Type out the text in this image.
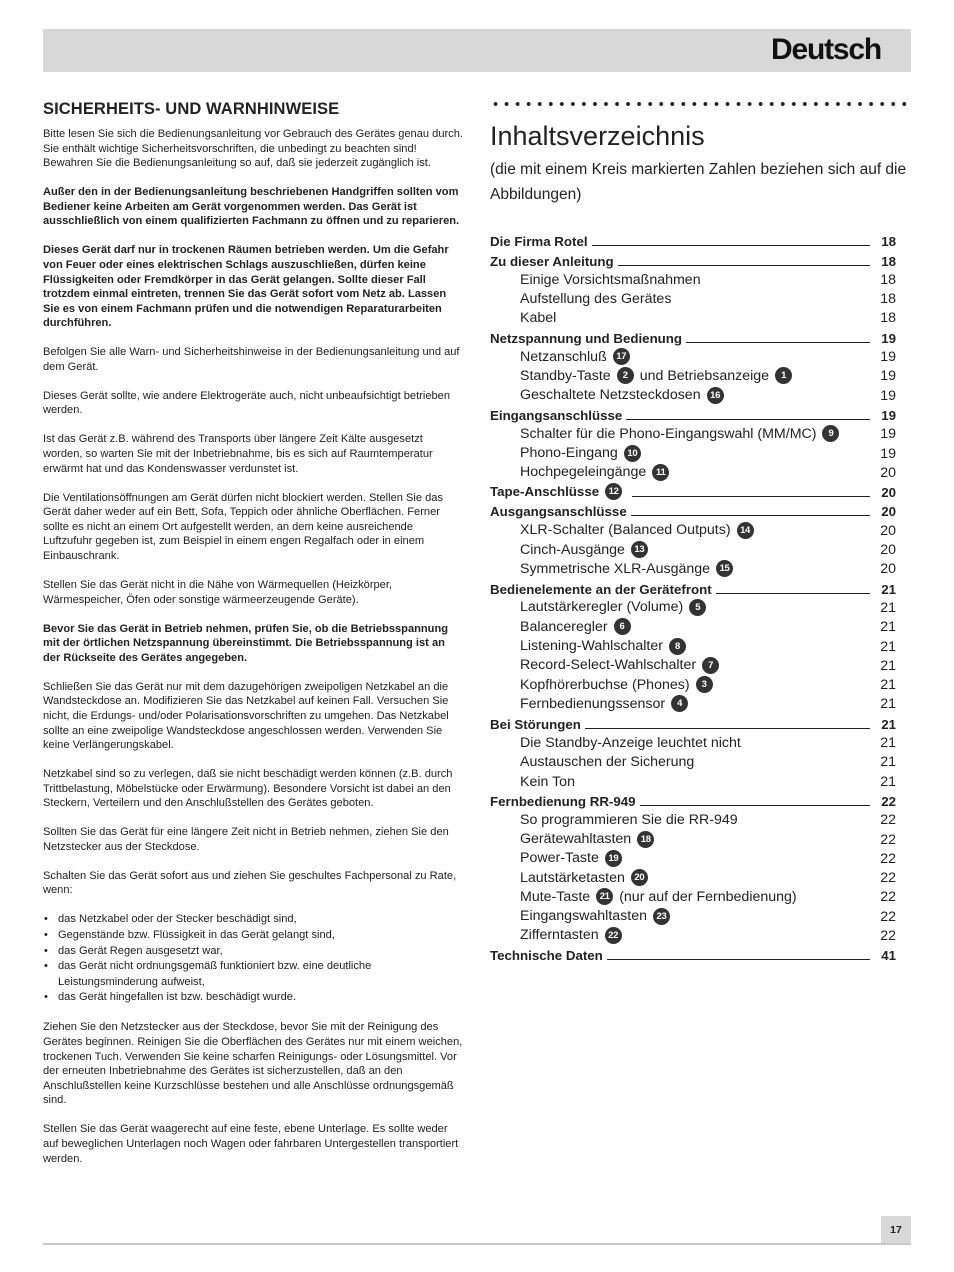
Deutsch
SICHERHEITS- UND WARNHINWEISE

Bitte lesen Sie sich die Bedienungsanleitung vor Gebrauch des Gerätes genau durch. Sie enthält wichtige Sicherheitsvorschriften, die unbedingt zu beachten sind! Bewahren Sie die Bedienungsanleitung so auf, daß sie jederzeit zugänglich ist.

Außer den in der Bedienungsanleitung beschriebenen Handgriffen sollten vom Bediener keine Arbeiten am Gerät vorgenommen werden. Das Gerät ist ausschließlich von einem qualifizierten Fachmann zu öffnen und zu reparieren.

Dieses Gerät darf nur in trockenen Räumen betrieben werden. Um die Gefahr von Feuer oder eines elektrischen Schlags auszuschließen, dürfen keine Flüssigkeiten oder Fremdkörper in das Gerät gelangen. Sollte dieser Fall trotzdem einmal eintreten, trennen Sie das Gerät sofort vom Netz ab. Lassen Sie es von einem Fachmann prüfen und die notwendigen Reparaturarbeiten durchführen.

Befolgen Sie alle Warn- und Sicherheitshinweise in der Bedienungsanleitung und auf dem Gerät.

Dieses Gerät sollte, wie andere Elektrogeräte auch, nicht unbeaufsichtigt betrieben werden.

Ist das Gerät z.B. während des Transports über längere Zeit Kälte ausgesetzt worden, so warten Sie mit der Inbetriebnahme, bis es sich auf Raumtemperatur erwärmt hat und das Kondenswasser verdunstet ist.

Die Ventilationsöffnungen am Gerät dürfen nicht blockiert werden. Stellen Sie das Gerät daher weder auf ein Bett, Sofa, Teppich oder ähnliche Oberflächen. Ferner sollte es nicht an einem Ort aufgestellt werden, an dem keine ausreichende Luftzufuhr gegeben ist, zum Beispiel in einem engen Regalfach oder in einem Einbauschrank.

Stellen Sie das Gerät nicht in die Nähe von Wärmequellen (Heizkörper, Wärmespeicher, Öfen oder sonstige wärmeerzeugende Geräte).

Bevor Sie das Gerät in Betrieb nehmen, prüfen Sie, ob die Betriebsspannung mit der örtlichen Netzspannung übereinstimmt. Die Betriebsspannung ist an der Rückseite des Gerätes angegeben.

Schließen Sie das Gerät nur mit dem dazugehörigen zweipoligen Netzkabel an die Wandsteckdose an. Modifizieren Sie das Netzkabel auf keinen Fall. Versuchen Sie nicht, die Erdungs- und/oder Polarisationsvorschriften zu umgehen. Das Netzkabel sollte an eine zweipolige Wandsteckdose angeschlossen werden. Verwenden Sie keine Verlängerungskabel.

Netzkabel sind so zu verlegen, daß sie nicht beschädigt werden können (z.B. durch Trittbelastung, Möbelstücke oder Erwärmung). Besondere Vorsicht ist dabei an den Steckern, Verteilern und den Anschlußstellen des Gerätes geboten.

Sollten Sie das Gerät für eine längere Zeit nicht in Betrieb nehmen, ziehen Sie den Netzstecker aus der Steckdose.

Schalten Sie das Gerät sofort aus und ziehen Sie geschultes Fachpersonal zu Rate, wenn:

• das Netzkabel oder der Stecker beschädigt sind,
• Gegenstände bzw. Flüssigkeit in das Gerät gelangt sind,
• das Gerät Regen ausgesetzt war,
• das Gerät nicht ordnungsgemäß funktioniert bzw. eine deutliche Leistungsminderung aufweist,
• das Gerät hingefallen ist bzw. beschädigt wurde.

Ziehen Sie den Netzstecker aus der Steckdose, bevor Sie mit der Reinigung des Gerätes beginnen. Reinigen Sie die Oberflächen des Gerätes nur mit einem weichen, trockenen Tuch. Verwenden Sie keine scharfen Reinigungs- oder Lösungsmittel. Vor der erneuten Inbetriebnahme des Gerätes ist sicherzustellen, daß an den Anschlußstellen keine Kurzschlüsse bestehen und alle Anschlüsse ordnungsgemäß sind.

Stellen Sie das Gerät waagerecht auf eine feste, ebene Unterlage. Es sollte weder auf beweglichen Unterlagen noch Wagen oder fahrbaren Untergestellen transportiert werden.

Inhaltsverzeichnis
(die mit einem Kreis markierten Zahlen beziehen sich auf die Abbildungen)
Die Firma Rotel	18
Zu dieser Anleitung	18
Einige Vorsichtsmaßnahmen	18
Aufstellung des Gerätes	18
Kabel	18
Netzspannung und Bedienung	19
Netzanschluß	17	19
Standby-Taste	2 und Betriebsanzeige	1	19
Geschaltete Netzsteckdosen	16	19
Eingangsanschlüsse	19
Schalter für die Phono-Eingangswahl (MM/MC)	9	19
Phono-Eingang	10	19
Hochpegeleingänge	11	20
Tape-Anschlüsse	12	20
Ausgangsanschlüsse	20
XLR-Schalter (Balanced Outputs)	14	20
Cinch-Ausgänge	13	20
Symmetrische XLR-Ausgänge	15	20
Bedienelemente an der Gerätefront	21
Lautstärkeregler (Volume)	5	21
Balanceregler	6	21
Listening-Wahlschalter	8	21
Record-Select-Wahlschalter	7	21
Kopfhörerbuchse (Phones)	3	21
Fernbedienungssensor	4	21
Bei Störungen	21
Die Standby-Anzeige leuchtet nicht	21
Austauschen der Sicherung	21
Kein Ton	21
Fernbedienung RR-949	22
So programmieren Sie die RR-949	22
Gerätewahltasten	18	22
Power-Taste	19	22
Lautstärketasten	20	22
Mute-Taste	21 (nur auf der Fernbedienung)	22
Eingangswahltasten	23	22
Zifferntasten	22	22
Technische Daten	41
17
